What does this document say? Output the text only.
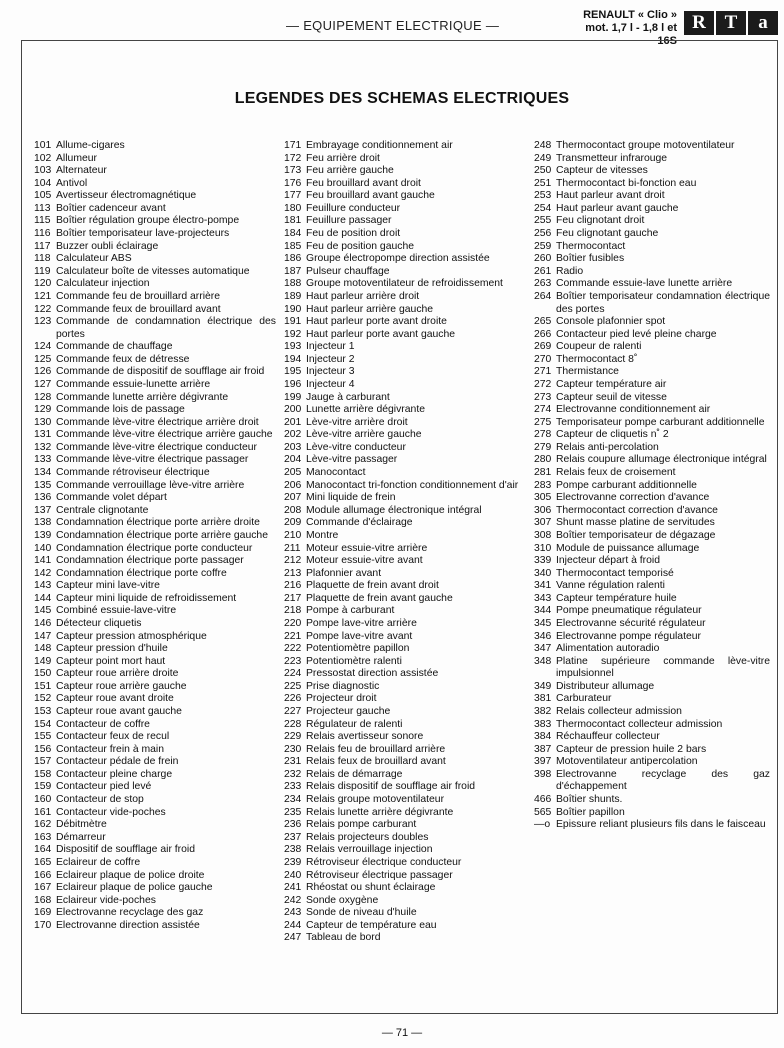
— EQUIPEMENT ELECTRIQUE —
RENAULT « Clio »
mot. 1,7 l - 1,8 l et 16S
R T	a
LEGENDES DES SCHEMAS ELECTRIQUES
101 Allume-cigares
102 Allumeur
103 Alternateur
104 Antivol
105 Avertisseur électromagnétique
113 Boîtier cadenceur avant
115 Boîtier régulation groupe électro-pompe
116 Boîtier temporisateur lave-projecteurs
117 Buzzer oubli éclairage
118 Calculateur ABS
119 Calculateur boîte de vitesses automatique
120 Calculateur injection
121 Commande feu de brouillard arrière
122 Commande feux de brouillard avant
123 Commande de condamnation électrique des portes
124 Commande de chauffage
125 Commande feux de détresse
126 Commande de dispositif de soufflage air froid
127 Commande essuie-lunette arrière
128 Commande lunette arrière dégivrante
129 Commande lois de passage
130 Commande lève-vitre électrique arrière droit
131 Commande lève-vitre électrique arrière gauche
132 Commande lève-vitre électrique conducteur
133 Commande lève-vitre électrique passager
134 Commande rétroviseur électrique
135 Commande verrouillage lève-vitre arrière
136 Commande volet départ
137 Centrale clignotante
138 Condamnation électrique porte arrière droite
139 Condamnation électrique porte arrière gauche
140 Condamnation électrique porte conducteur
141 Condamnation électrique porte passager
142 Condamnation électrique porte coffre
143 Capteur mini lave-vitre
144 Capteur mini liquide de refroidissement
145 Combiné essuie-lave-vitre
146 Détecteur cliquetis
147 Capteur pression atmosphérique
148 Capteur pression d'huile
149 Capteur point mort haut
150 Capteur roue arrière droite
151 Capteur roue arrière gauche
152 Capteur roue avant droite
153 Capteur roue avant gauche
154 Contacteur de coffre
155 Contacteur feux de recul
156 Contacteur frein à main
157 Contacteur pédale de frein
158 Contacteur pleine charge
159 Contacteur pied levé
160 Contacteur de stop
161 Contacteur vide-poches
162 Débitmètre
163 Démarreur
164 Dispositif de soufflage air froid
165 Eclaireur de coffre
166 Eclaireur plaque de police droite
167 Eclaireur plaque de police gauche
168 Eclaireur vide-poches
169 Electrovanne recyclage des gaz
170 Electrovanne direction assistée
171 Embrayage conditionnement air
172 Feu arrière droit
173 Feu arrière gauche
176 Feu brouillard avant droit
177 Feu brouillard avant gauche
180 Feuillure conducteur
181 Feuillure passager
184 Feu de position droit
185 Feu de position gauche
186 Groupe électropompe direction assistée
187 Pulseur chauffage
188 Groupe motoventilateur de refroidissement
189 Haut parleur arrière droit
190 Haut parleur arrière gauche
191 Haut parleur porte avant droite
192 Haut parleur porte avant gauche
193 Injecteur 1
194 Injecteur 2
195 Injecteur 3
196 Injecteur 4
199 Jauge à carburant
200 Lunette arrière dégivrante
201 Lève-vitre arrière droit
202 Lève-vitre arrière gauche
203 Lève-vitre conducteur
204 Lève-vitre passager
205 Manocontact
206 Manocontact tri-fonction conditionnement d'air
207 Mini liquide de frein
208 Module allumage électronique intégral
209 Commande d'éclairage
210 Montre
211 Moteur essuie-vitre arrière
212 Moteur essuie-vitre avant
213 Plafonnier avant
216 Plaquette de frein avant droit
217 Plaquette de frein avant gauche
218 Pompe à carburant
220 Pompe lave-vitre arrière
221 Pompe lave-vitre avant
222 Potentiomètre papillon
223 Potentiomètre ralenti
224 Pressostat direction assistée
225 Prise diagnostic
226 Projecteur droit
227 Projecteur gauche
228 Régulateur de ralenti
229 Relais avertisseur sonore
230 Relais feu de brouillard arrière
231 Relais feux de brouillard avant
232 Relais de démarrage
233 Relais dispositif de soufflage air froid
234 Relais groupe motoventilateur
235 Relais lunette arrière dégivrante
236 Relais pompe carburant
237 Relais projecteurs doubles
238 Relais verrouillage injection
239 Rétroviseur électrique conducteur
240 Rétroviseur électrique passager
241 Rhéostat ou shunt éclairage
242 Sonde oxygène
243 Sonde de niveau d'huile
244 Capteur de température eau
247 Tableau de bord
248 Thermocontact groupe motoventilateur
249 Transmetteur infrarouge
250 Capteur de vitesses
251 Thermocontact bi-fonction eau
253 Haut parleur avant droit
254 Haut parleur avant gauche
255 Feu clignotant droit
256 Feu clignotant gauche
259 Thermocontact
260 Boîtier fusibles
261 Radio
263 Commande essuie-lave lunette arrière
264 Boîtier temporisateur condamnation électrique des portes
265 Console plafonnier spot
266 Contacteur pied levé pleine charge
269 Coupeur de ralenti
270 Thermocontact 8˚
271 Thermistance
272 Capteur température air
273 Capteur seuil de vitesse
274 Electrovanne conditionnement air
275 Temporisateur pompe carburant additionnelle
278 Capteur de cliquetis n˚ 2
279 Relais anti-percolation
280 Relais coupure allumage électronique intégral
281 Relais feux de croisement
283 Pompe carburant additionnelle
305 Electrovanne correction d'avance
306 Thermocontact correction d'avance
307 Shunt masse platine de servitudes
308 Boîtier temporisateur de dégazage
310 Module de puissance allumage
339 Injecteur départ à froid
340 Thermocontact temporisé
341 Vanne régulation ralenti
343 Capteur température huile
344 Pompe pneumatique régulateur
345 Electrovanne sécurité régulateur
346 Electrovanne pompe régulateur
347 Alimentation autoradio
348 Platine supérieure commande lève-vitre impulsionnel
349 Distributeur allumage
381 Carburateur
382 Relais collecteur admission
383 Thermocontact collecteur admission
384 Réchauffeur collecteur
387 Capteur de pression huile 2 bars
397 Motoventilateur antipercolation
398 Electrovanne recyclage des gaz d'échappement
466 Boîtier shunts.
565 Boîtier papillon
—o Epissure reliant plusieurs fils dans le faisceau
— 71 —
